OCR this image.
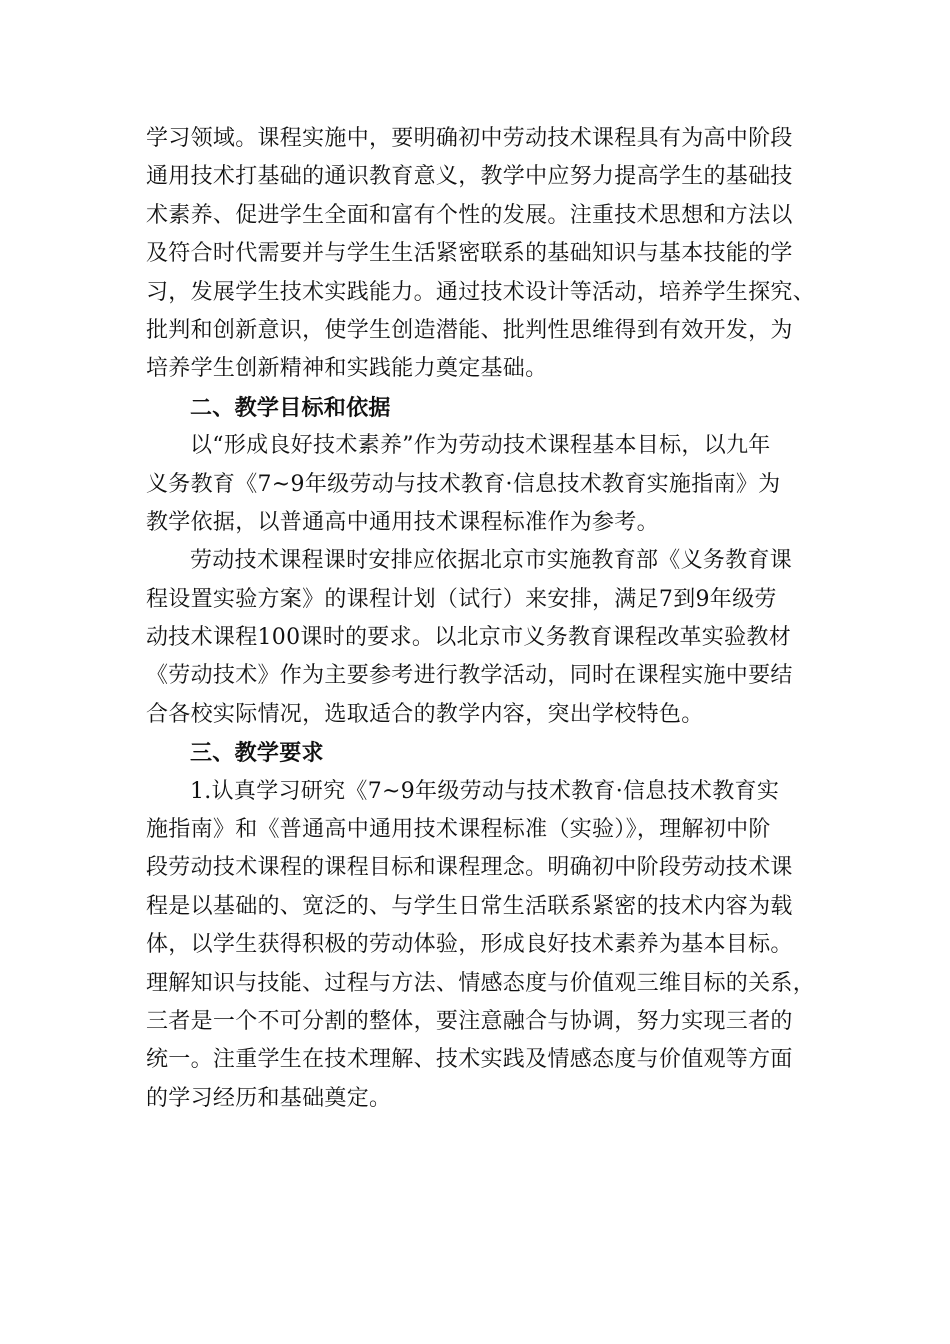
学习领域。课程实施中，要明确初中劳动技术课程具有为高中阶段
通用技术打基础的通识教育意义，教学中应努力提高学生的基础技
术素养、促进学生全面和富有个性的发展。注重技术思想和方法以
及符合时代需要并与学生生活紧密联系的基础知识与基本技能的学
习，发展学生技术实践能力。通过技术设计等活动，培养学生探究、
批判和创新意识，使学生创造潜能、批判性思维得到有效开发，为
培养学生创新精神和实践能力奠定基础。
二、教学目标和依据
以“形成良好技术素养”作为劳动技术课程基本目标，以九年
义务教育《7~9年级劳动与技术教育·信息技术教育实施指南》为
教学依据，以普通高中通用技术课程标准作为参考。
劳动技术课程课时安排应依据北京市实施教育部《义务教育课
程设置实验方案》的课程计划（试行）来安排，满足7到9年级劳
动技术课程100课时的要求。以北京市义务教育课程改革实验教材
《劳动技术》作为主要参考进行教学活动，同时在课程实施中要结
合各校实际情况，选取适合的教学内容，突出学校特色。
三、教学要求
1.认真学习研究《7~9年级劳动与技术教育·信息技术教育实
施指南》和《普通高中通用技术课程标准（实验）》，理解初中阶
段劳动技术课程的课程目标和课程理念。明确初中阶段劳动技术课
程是以基础的、宽泛的、与学生日常生活联系紧密的技术内容为载
体，以学生获得积极的劳动体验，形成良好技术素养为基本目标。
理解知识与技能、过程与方法、情感态度与价值观三维目标的关系，
三者是一个不可分割的整体，要注意融合与协调，努力实现三者的
统一。注重学生在技术理解、技术实践及情感态度与价值观等方面
的学习经历和基础奠定。
